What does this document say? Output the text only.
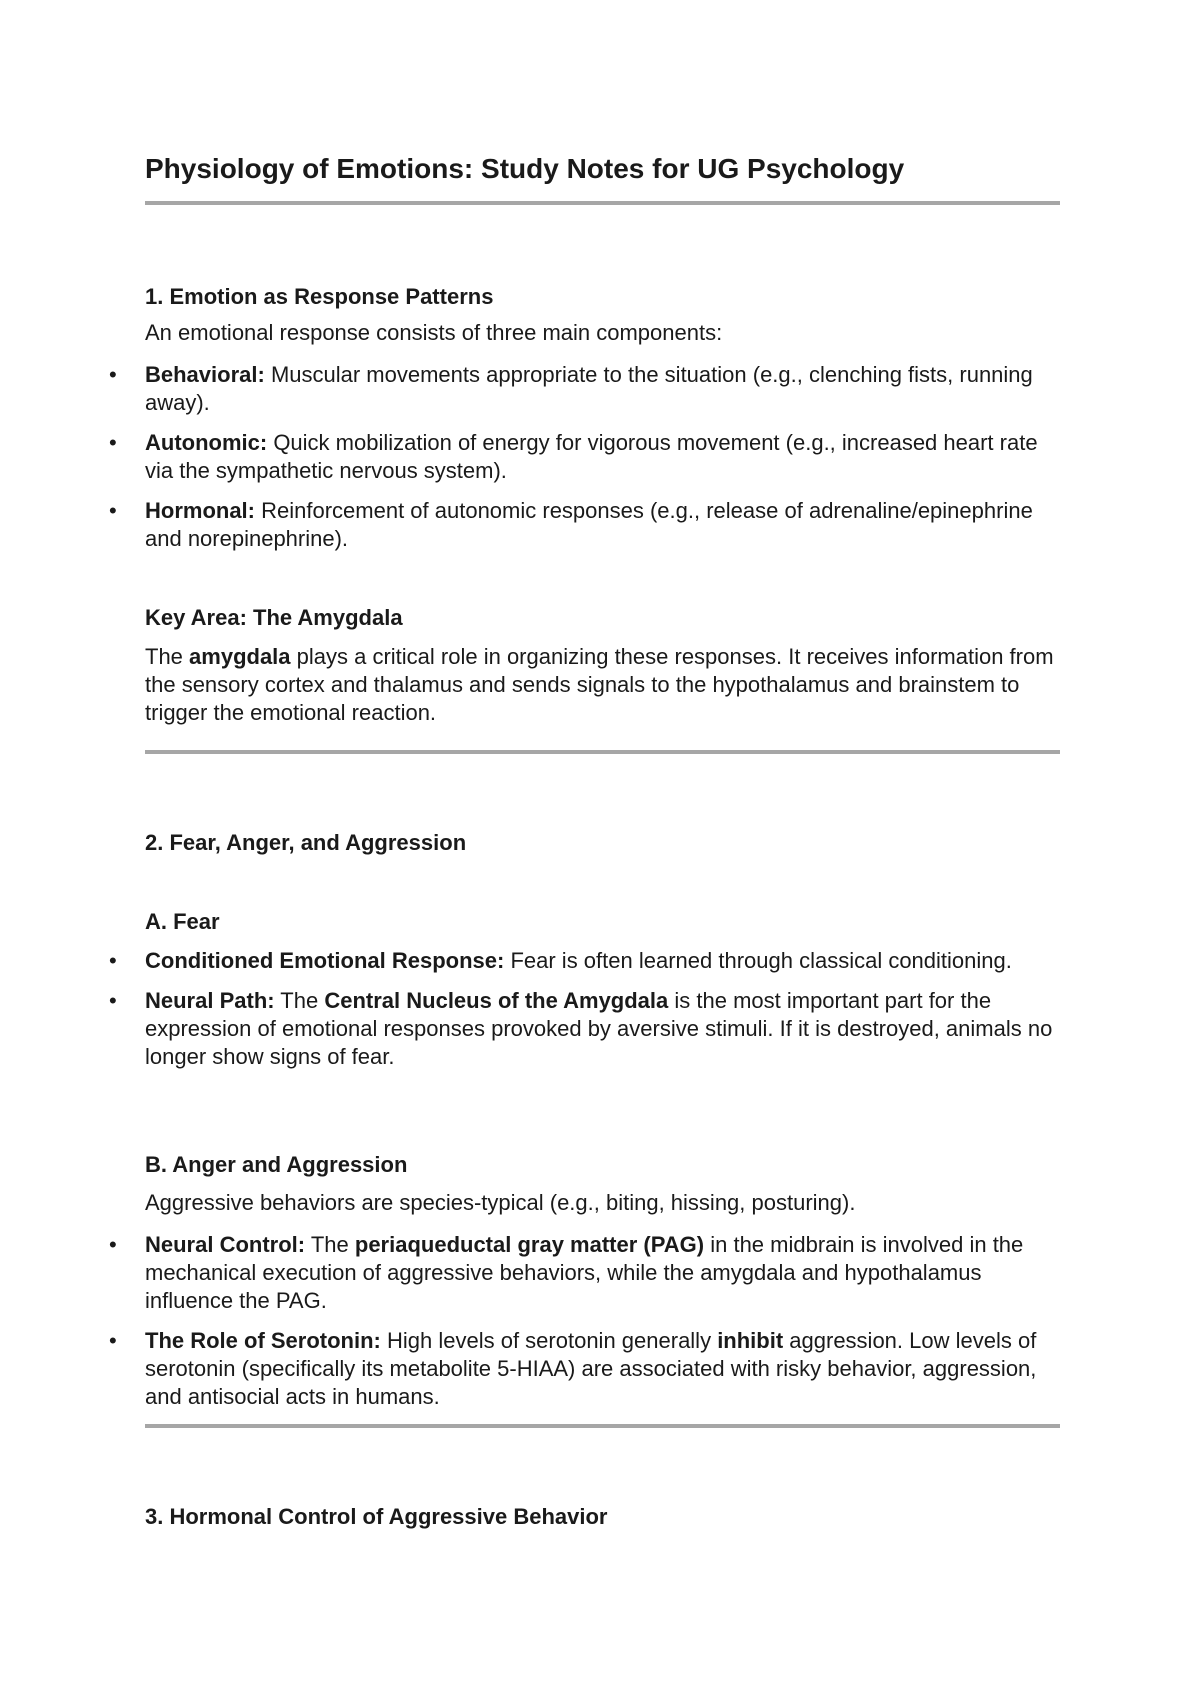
Physiology of Emotions: Study Notes for UG Psychology
1. Emotion as Response Patterns

An emotional response consists of three main components:

• Behavioral: Muscular movements appropriate to the situation (e.g., clenching fists, running away).
• Autonomic: Quick mobilization of energy for vigorous movement (e.g., increased heart rate via the sympathetic nervous system).
• Hormonal: Reinforcement of autonomic responses (e.g., release of adrenaline/epinephrine and norepinephrine).
Key Area: The Amygdala

The amygdala plays a critical role in organizing these responses. It receives information from the sensory cortex and thalamus and sends signals to the hypothalamus and brainstem to trigger the emotional reaction.

2. Fear, Anger, and Aggression
A. Fear
• Conditioned Emotional Response: Fear is often learned through classical conditioning.
• Neural Path: The Central Nucleus of the Amygdala is the most important part for the expression of emotional responses provoked by aversive stimuli. If it is destroyed, animals no longer show signs of fear.
B. Anger and Aggression

Aggressive behaviors are species-typical (e.g., biting, hissing, posturing).

• Neural Control: The periaqueductal gray matter (PAG) in the midbrain is involved in the mechanical execution of aggressive behaviors, while the amygdala and hypothalamus influence the PAG.
• The Role of Serotonin: High levels of serotonin generally inhibit aggression. Low levels of serotonin (specifically its metabolite 5-HIAA) are associated with risky behavior, aggression, and antisocial acts in humans.
3. Hormonal Control of Aggressive Behavior
